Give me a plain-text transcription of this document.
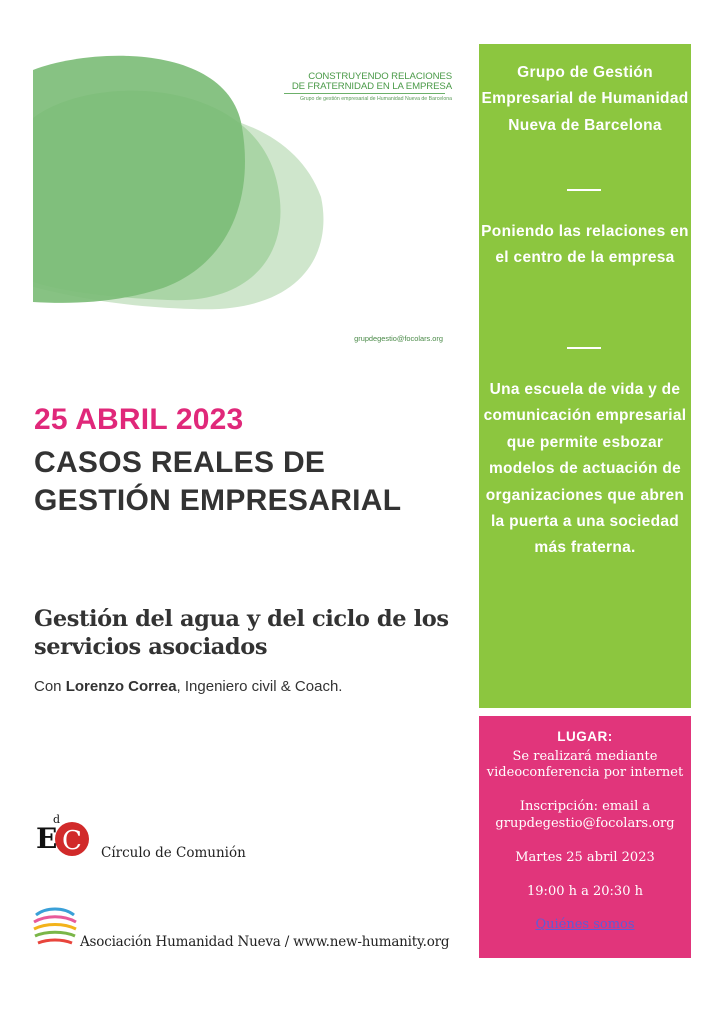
CONSTRUYENDO RELACIONES
DE FRATERNIDAD EN LA EMPRESA
Grupo de gestión empresarial de Humanidad Nueva de Barcelona
grupdegestio@focolars.org
25 ABRIL 2023
CASOS REALES DE GESTIÓN EMPRESARIAL
Gestión del agua y del ciclo de los servicios asociados
Con Lorenzo Correa, Ingeniero civil & Coach.
C
E
d
Círculo de Comunión
Asociación Humanidad Nueva / www.new-humanity.org
Grupo de Gestión Empresarial de Humanidad Nueva de Barcelona
Poniendo las relaciones en el centro de la empresa
Una escuela de vida y de comunicación empresarial que permite esbozar modelos de actuación de organizaciones que abren la puerta a una sociedad más fraterna.
LUGAR:
Se realizará mediante videoconferencia por internet
Inscripción: email a
grupdegestio@focolars.org
Martes 25 abril 2023
19:00 h a 20:30 h
Quiénes somos
